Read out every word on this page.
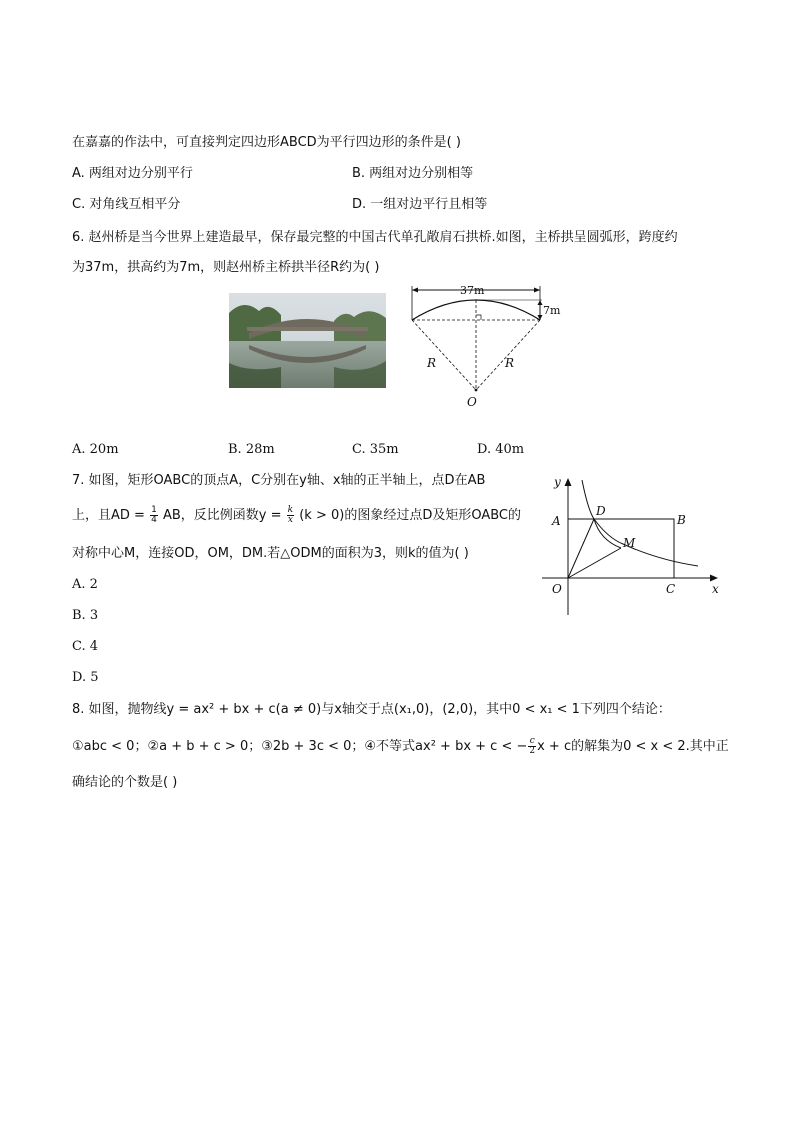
在嘉嘉的作法中，可直接判定四边形ABCD为平行四边形的条件是( )
A. 两组对边分别平行	B. 两组对边分别相等
C. 对角线互相平分	D. 一组对边平行且相等
6. 赵州桥是当今世界上建造最早，保存最完整的中国古代单孔敞肩石拱桥.如图，主桥拱呈圆弧形，跨度约
为37m，拱高约为7m，则赵州桥主桥拱半径R约为( )
37m
7m
R	R
O
A. 20m	B. 28m	C. 35m	D. 40m
7. 如图，矩形OABC的顶点A，C分别在y轴、x轴的正半轴上，点D在AB
上，且AD = $\frac{1}{4}$ AB，反比例函数$y = \frac{k}{x} (k > 0)$的图象经过点D及矩形OABC的
对称中心M，连接OD，OM，DM.若△ODM的面积为3，则k的值为( )
y
x
A
D
B
M
O	C
A. 2
B. 3
C. 4
D. 5
8. 如图，抛物线y = ax² + bx + c(a ≠ 0)与x轴交于点(x₁,0)，(2,0)，其中0 < x₁ < 1下列四个结论：
①abc < 0；②a + b + c > 0；③2b + 3c < 0；④不等式ax² + bx + c < − $\frac{c}{2}$ x + c的解集为0 < x < 2.其中正
确结论的个数是( )
